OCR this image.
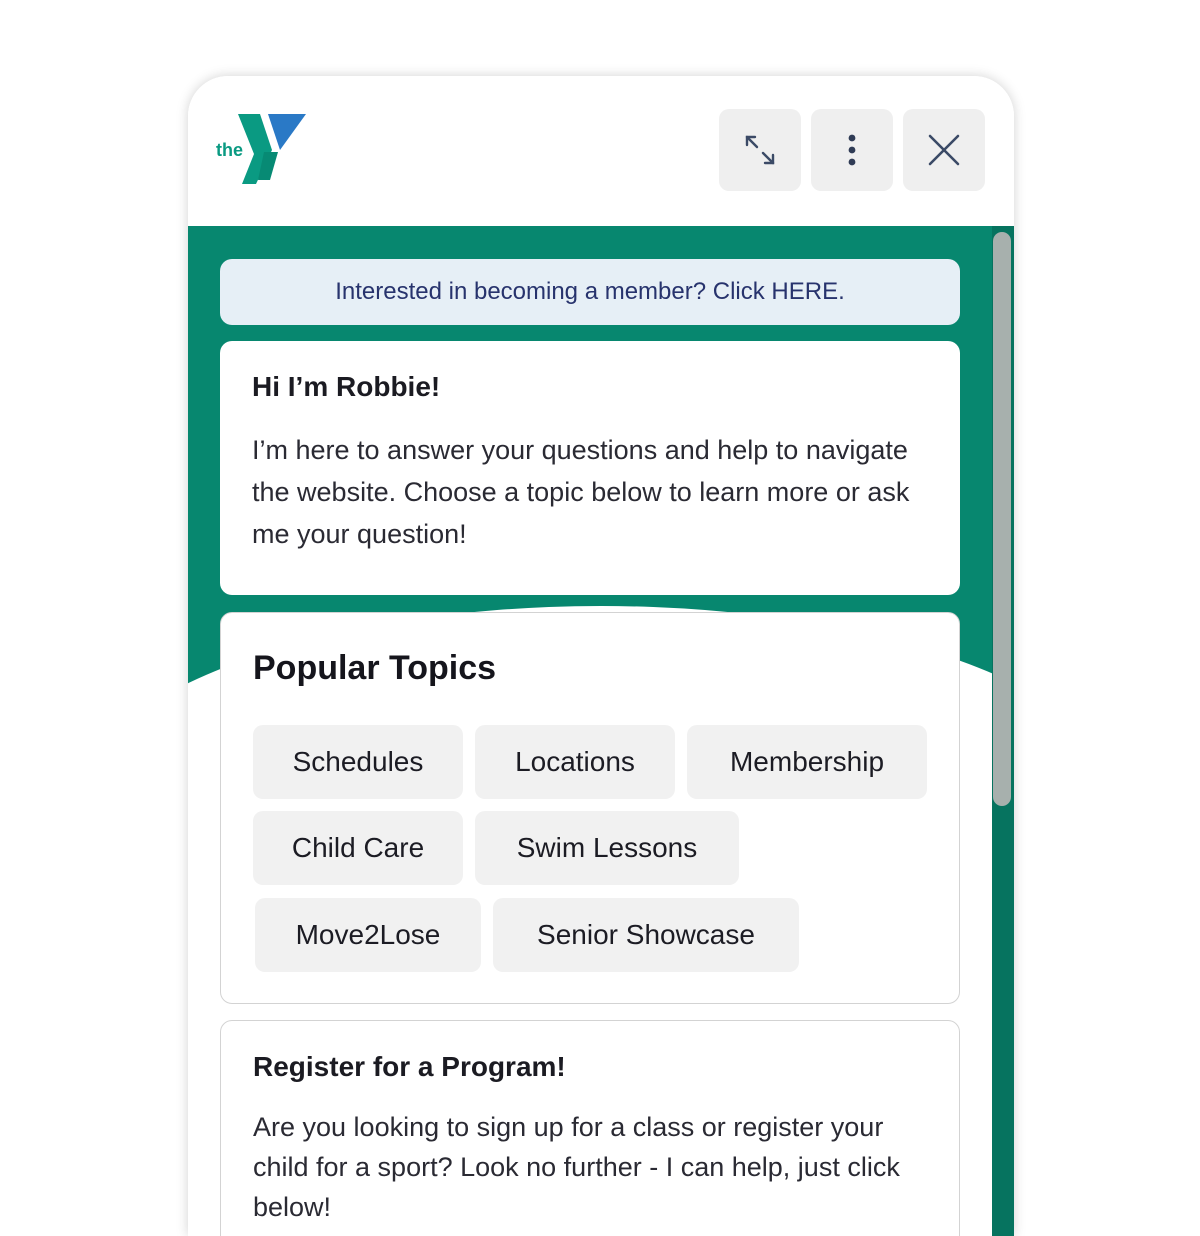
the
Interested in becoming a member? Click HERE.

Hi I’m Robbie!

I’m here to answer your questions and help to navigate the website. Choose a topic below to learn more or ask me your question!

Popular Topics

Schedules	Locations	Membership
Child Care	Swim Lessons
Move2Lose	Senior Showcase

Register for a Program!

Are you looking to sign up for a class or register your child for a sport? Look no further - I can help, just click below!
